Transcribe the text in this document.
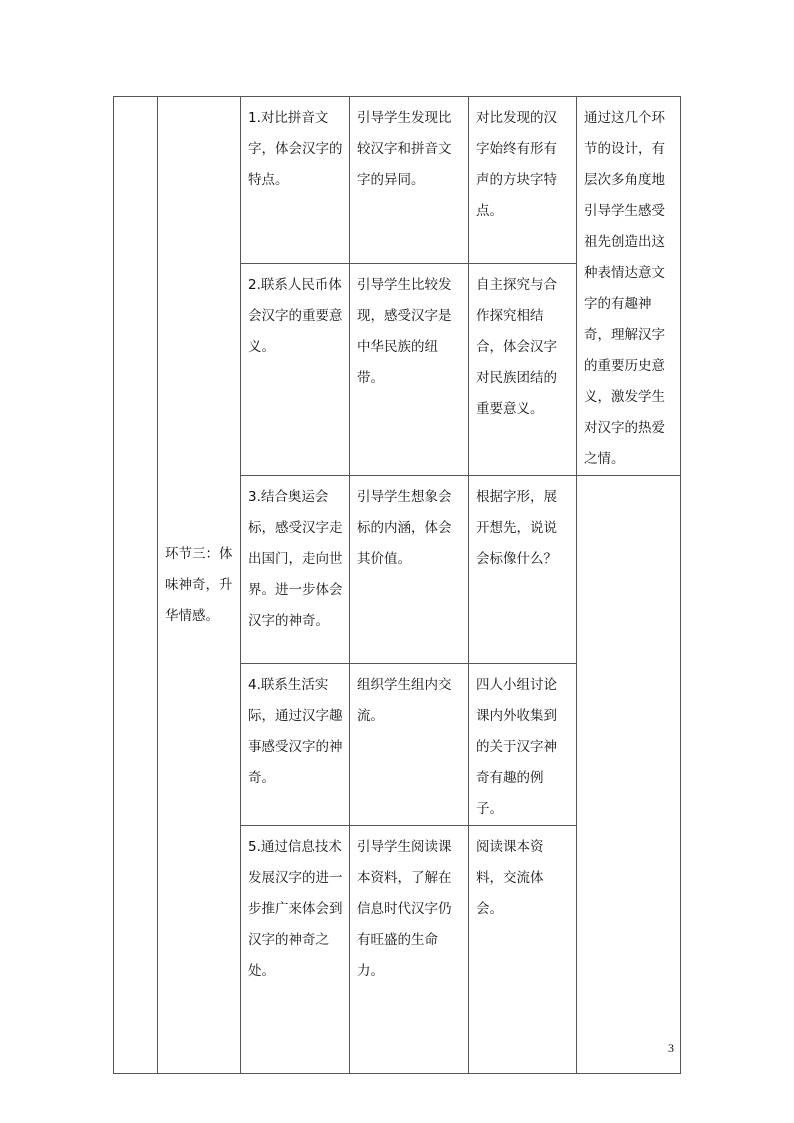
	环节三：体味神奇，升华情感。	1.对比拼音文字，体会汉字的特点。	引导学生发现比较汉字和拼音文字的异同。	对比发现的汉字始终有形有声的方块字特点。	通过这几个环节的设计，有层次多角度地引导学生感受祖先创造出这种表情达意文字的有趣神奇，理解汉字的重要历史意义，激发学生对汉字的热爱之情。
		2.联系人民币体会汉字的重要意义。	引导学生比较发现，感受汉字是中华民族的纽带。	自主探究与合作探究相结合，体会汉字对民族团结的重要意义。	
		3.结合奥运会标，感受汉字走出国门，走向世界。进一步体会汉字的神奇。	引导学生想象会标的内涵，体会其价值。	根据字形，展开想先，说说会标像什么？	
		4.联系生活实际，通过汉字趣事感受汉字的神奇。	组织学生组内交流。	四人小组讨论课内外收集到的关于汉字神奇有趣的例子。	
		5.通过信息技术发展汉字的进一步推广来体会到汉字的神奇之处。	引导学生阅读课本资料，了解在信息时代汉字仍有旺盛的生命力。	阅读课本资料，交流体会。	
3
